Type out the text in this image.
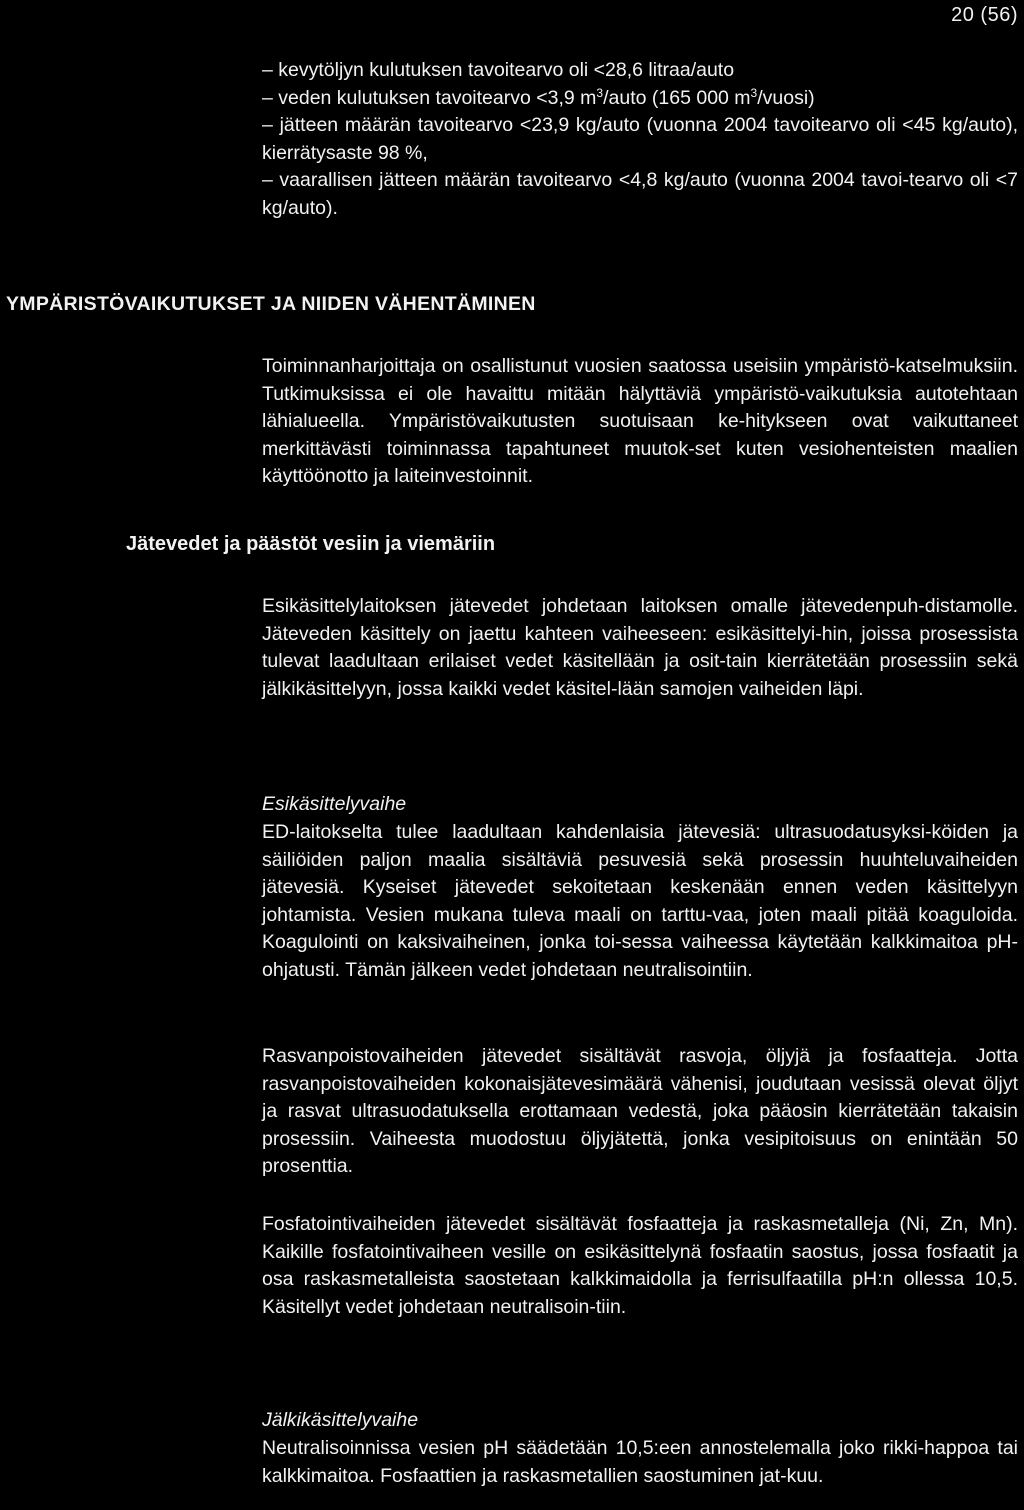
20 (56)
– kevytöljyn kulutuksen tavoitearvo oli <28,6 litraa/auto
– veden kulutuksen tavoitearvo <3,9 $m^3$/auto (165 000 $m^3/vuosi$)
– jätteen määrän tavoitearvo <23,9 kg/auto (vuonna 2004 tavoitearvo oli <45 kg/auto), kierrätysaste 98 %,
– vaarallisen jätteen määrän tavoitearvo <4,8 kg/auto (vuonna 2004 tavoi-tearvo oli <7 kg/auto).
YMPÄRISTÖVAIKUTUKSET JA NIIDEN VÄHENTÄMINEN

Toiminnanharjoittaja on osallistunut vuosien saatossa useisiin ympäristö-katselmuksiin. Tutkimuksissa ei ole havaittu mitään hälyttäviä ympäristö-vaikutuksia autotehtaan lähialueella. Ympäristövaikutusten suotuisaan ke-hitykseen ovat vaikuttaneet merkittävästi toiminnassa tapahtuneet muutok-set kuten vesiohenteisten maalien käyttöönotto ja laiteinvestoinnit.

Jätevedet ja päästöt vesiin ja viemäriin

Esikäsittelylaitoksen jätevedet johdetaan laitoksen omalle jätevedenpuh-distamolle. Jäteveden käsittely on jaettu kahteen vaiheeseen: esikäsittelyi-hin, joissa prosessista tulevat laadultaan erilaiset vedet käsitellään ja osit-tain kierrätetään prosessiin sekä jälkikäsittelyyn, jossa kaikki vedet käsitel-lään samojen vaiheiden läpi.

Esikäsittelyvaihe

ED-laitokselta tulee laadultaan kahdenlaisia jätevesiä: ultrasuodatusyksi-köiden ja säiliöiden paljon maalia sisältäviä pesuvesiä sekä prosessin huuhteluvaiheiden jätevesiä. Kyseiset jätevedet sekoitetaan keskenään ennen veden käsittelyyn johtamista. Vesien mukana tuleva maali on tarttu-vaa, joten maali pitää koaguloida. Koagulointi on kaksivaiheinen, jonka toi-sessa vaiheessa käytetään kalkkimaitoa pH-ohjatusti. Tämän jälkeen vedet johdetaan neutralisointiin.

Rasvanpoistovaiheiden jätevedet sisältävät rasvoja, öljyjä ja fosfaatteja. Jotta rasvanpoistovaiheiden kokonaisjätevesimäärä vähenisi, joudutaan vesissä olevat öljyt ja rasvat ultrasuodatuksella erottamaan vedestä, joka pääosin kierrätetään takaisin prosessiin. Vaiheesta muodostuu öljyjätettä, jonka vesipitoisuus on enintään 50 prosenttia.

Fosfatointivaiheiden jätevedet sisältävät fosfaatteja ja raskasmetalleja (Ni, Zn, Mn). Kaikille fosfatointivaiheen vesille on esikäsittelynä fosfaatin saostus, jossa fosfaatit ja osa raskasmetalleista saostetaan kalkkimaidolla ja ferrisulfaatilla pH:n ollessa 10,5. Käsitellyt vedet johdetaan neutralisoin-tiin.

Jälkikäsittelyvaihe

Neutralisoinnissa vesien pH säädetään 10,5:een annostelemalla joko rikki-happoa tai kalkkimaitoa. Fosfaattien ja raskasmetallien saostuminen jat-kuu.
